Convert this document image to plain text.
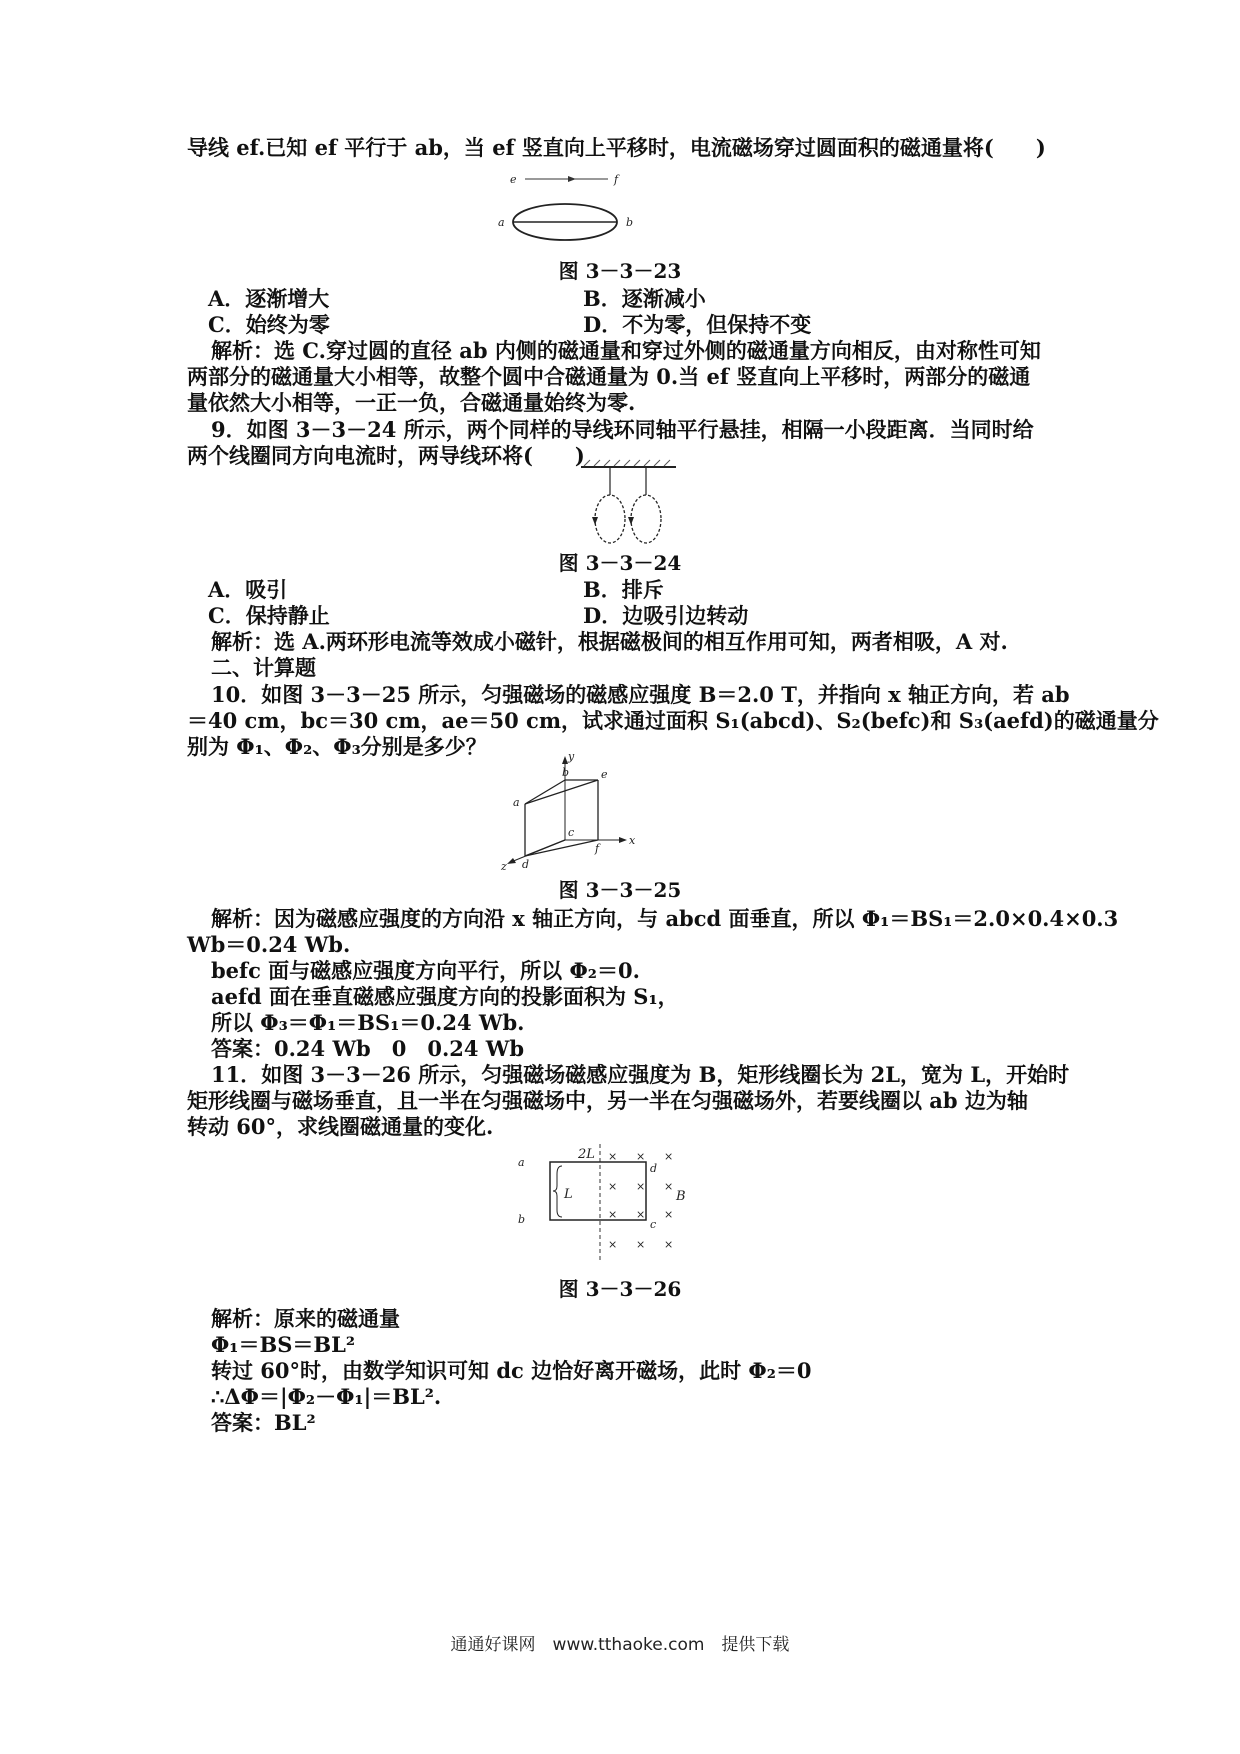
导线 ef.已知 ef 平行于 ab，当 ef 竖直向上平移时，电流磁场穿过圆面积的磁通量将(　　)
e	f
a	b
图 3－3－23
A．逐渐增大	B．逐渐减小
C．始终为零	D．不为零，但保持不变
解析：选 C.穿过圆的直径 ab 内侧的磁通量和穿过外侧的磁通量方向相反，由对称性可知
两部分的磁通量大小相等，故整个圆中合磁通量为 0.当 ef 竖直向上平移时，两部分的磁通
量依然大小相等，一正一负，合磁通量始终为零.
9．如图 3－3－24 所示，两个同样的导线环同轴平行悬挂，相隔一小段距离．当同时给
两个线圈同方向电流时，两导线环将(　　)
图 3－3－24
A．吸引	B．排斥
C．保持静止	D．边吸引边转动
解析：选 A.两环形电流等效成小磁针，根据磁极间的相互作用可知，两者相吸，A 对.
二、计算题
10．如图 3－3－25 所示，匀强磁场的磁感应强度 B＝2.0 T，并指向 x 轴正方向，若 ab
＝40 cm，bc＝30 cm，ae＝50 cm，试求通过面积 S₁(abcd)、S₂(befc)和 S₃(aefd)的磁通量分
别为 Φ₁、Φ₂、Φ₃分别是多少？	y
b	e
a
c
f
x
z d
图 3－3－25
解析：因为磁感应强度的方向沿 x 轴正方向，与 abcd 面垂直，所以 Φ₁＝BS₁＝2.0×0.4×0.3
Wb＝0.24 Wb.
befc 面与磁感应强度方向平行，所以 Φ₂＝0.
aefd 面在垂直磁感应强度方向的投影面积为 S₁，
所以 Φ₃＝Φ₁＝BS₁＝0.24 Wb.
答案：0.24 Wb　0　0.24 Wb
11．如图 3－3－26 所示，匀强磁场磁感应强度为 B，矩形线圈长为 2L，宽为 L，开始时
矩形线圈与磁场垂直，且一半在匀强磁场中，另一半在匀强磁场外，若要线圈以 ab 边为轴
转动 60°，求线圈磁通量的变化.
a
b	c
d
L
2L
B
× × ×
× × ×
× × ×
× × ×
图 3－3－26
解析：原来的磁通量
Φ₁＝BS＝BL²
转过 60°时，由数学知识可知 dc 边恰好离开磁场，此时 Φ₂＝0
∴ΔΦ＝|Φ₂－Φ₁|＝BL².
答案：BL²
通通好课网　www.tthaoke.com　提供下载
